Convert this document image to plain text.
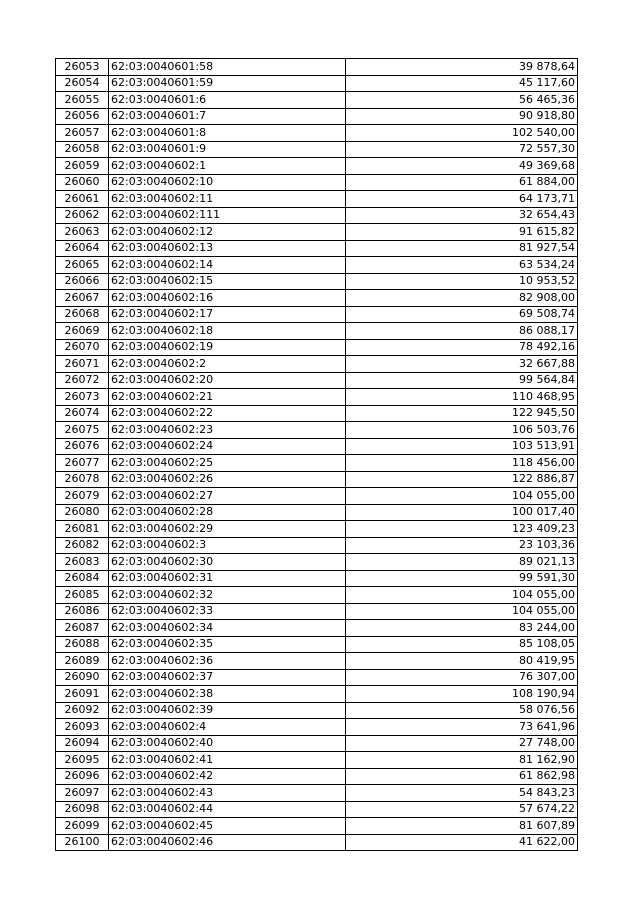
26053	62:03:0040601:58	39 878,64
26054	62:03:0040601:59	45 117,60
26055	62:03:0040601:6	56 465,36
26056	62:03:0040601:7	90 918,80
26057	62:03:0040601:8	102 540,00
26058	62:03:0040601:9	72 557,30
26059	62:03:0040602:1	49 369,68
26060	62:03:0040602:10	61 884,00
26061	62:03:0040602:11	64 173,71
26062	62:03:0040602:111	32 654,43
26063	62:03:0040602:12	91 615,82
26064	62:03:0040602:13	81 927,54
26065	62:03:0040602:14	63 534,24
26066	62:03:0040602:15	10 953,52
26067	62:03:0040602:16	82 908,00
26068	62:03:0040602:17	69 508,74
26069	62:03:0040602:18	86 088,17
26070	62:03:0040602:19	78 492,16
26071	62:03:0040602:2	32 667,88
26072	62:03:0040602:20	99 564,84
26073	62:03:0040602:21	110 468,95
26074	62:03:0040602:22	122 945,50
26075	62:03:0040602:23	106 503,76
26076	62:03:0040602:24	103 513,91
26077	62:03:0040602:25	118 456,00
26078	62:03:0040602:26	122 886,87
26079	62:03:0040602:27	104 055,00
26080	62:03:0040602:28	100 017,40
26081	62:03:0040602:29	123 409,23
26082	62:03:0040602:3	23 103,36
26083	62:03:0040602:30	89 021,13
26084	62:03:0040602:31	99 591,30
26085	62:03:0040602:32	104 055,00
26086	62:03:0040602:33	104 055,00
26087	62:03:0040602:34	83 244,00
26088	62:03:0040602:35	85 108,05
26089	62:03:0040602:36	80 419,95
26090	62:03:0040602:37	76 307,00
26091	62:03:0040602:38	108 190,94
26092	62:03:0040602:39	58 076,56
26093	62:03:0040602:4	73 641,96
26094	62:03:0040602:40	27 748,00
26095	62:03:0040602:41	81 162,90
26096	62:03:0040602:42	61 862,98
26097	62:03:0040602:43	54 843,23
26098	62:03:0040602:44	57 674,22
26099	62:03:0040602:45	81 607,89
26100	62:03:0040602:46	41 622,00
